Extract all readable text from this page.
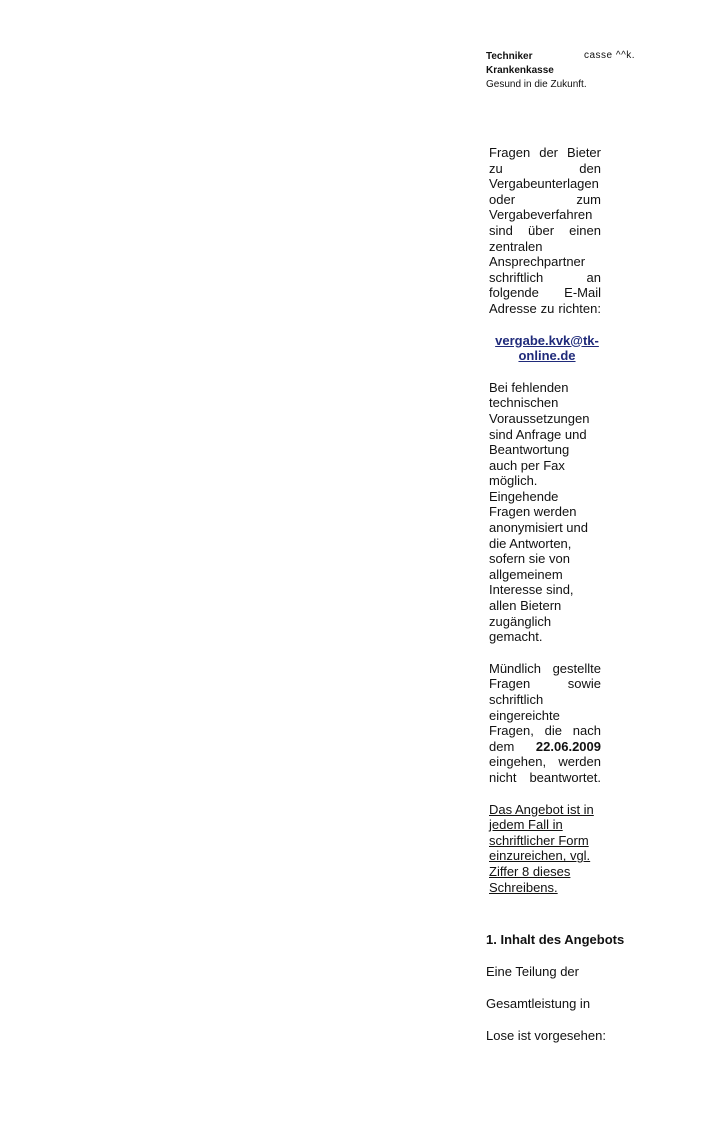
Techniker
Krankenkasse
Gesund in die Zukunft.
casse ^^k.

Fragen der Bieter zu den Vergabeunterlagen oder zum Vergabeverfahren sind über einen zentralen Ansprechpartner schriftlich an folgende E-Mail Adresse zu richten:

vergabe.kvk@tk-online.de

Bei fehlenden technischen Voraussetzungen sind Anfrage und Beantwortung auch per Fax möglich. Eingehende Fragen werden anonymisiert und die Antworten, sofern sie von allgemeinem Interesse sind, allen Bietern zugänglich gemacht.

Mündlich gestellte Fragen sowie schriftlich eingereichte Fragen, die nach dem 22.06.2009 eingehen, werden nicht beantwortet.

Das Angebot ist in jedem Fall in schriftlicher Form einzureichen, vgl. Ziffer 8 dieses Schreibens.

1. Inhalt des Angebots
Eine Teilung der
Gesamtleistung in
Lose ist vorgesehen:
